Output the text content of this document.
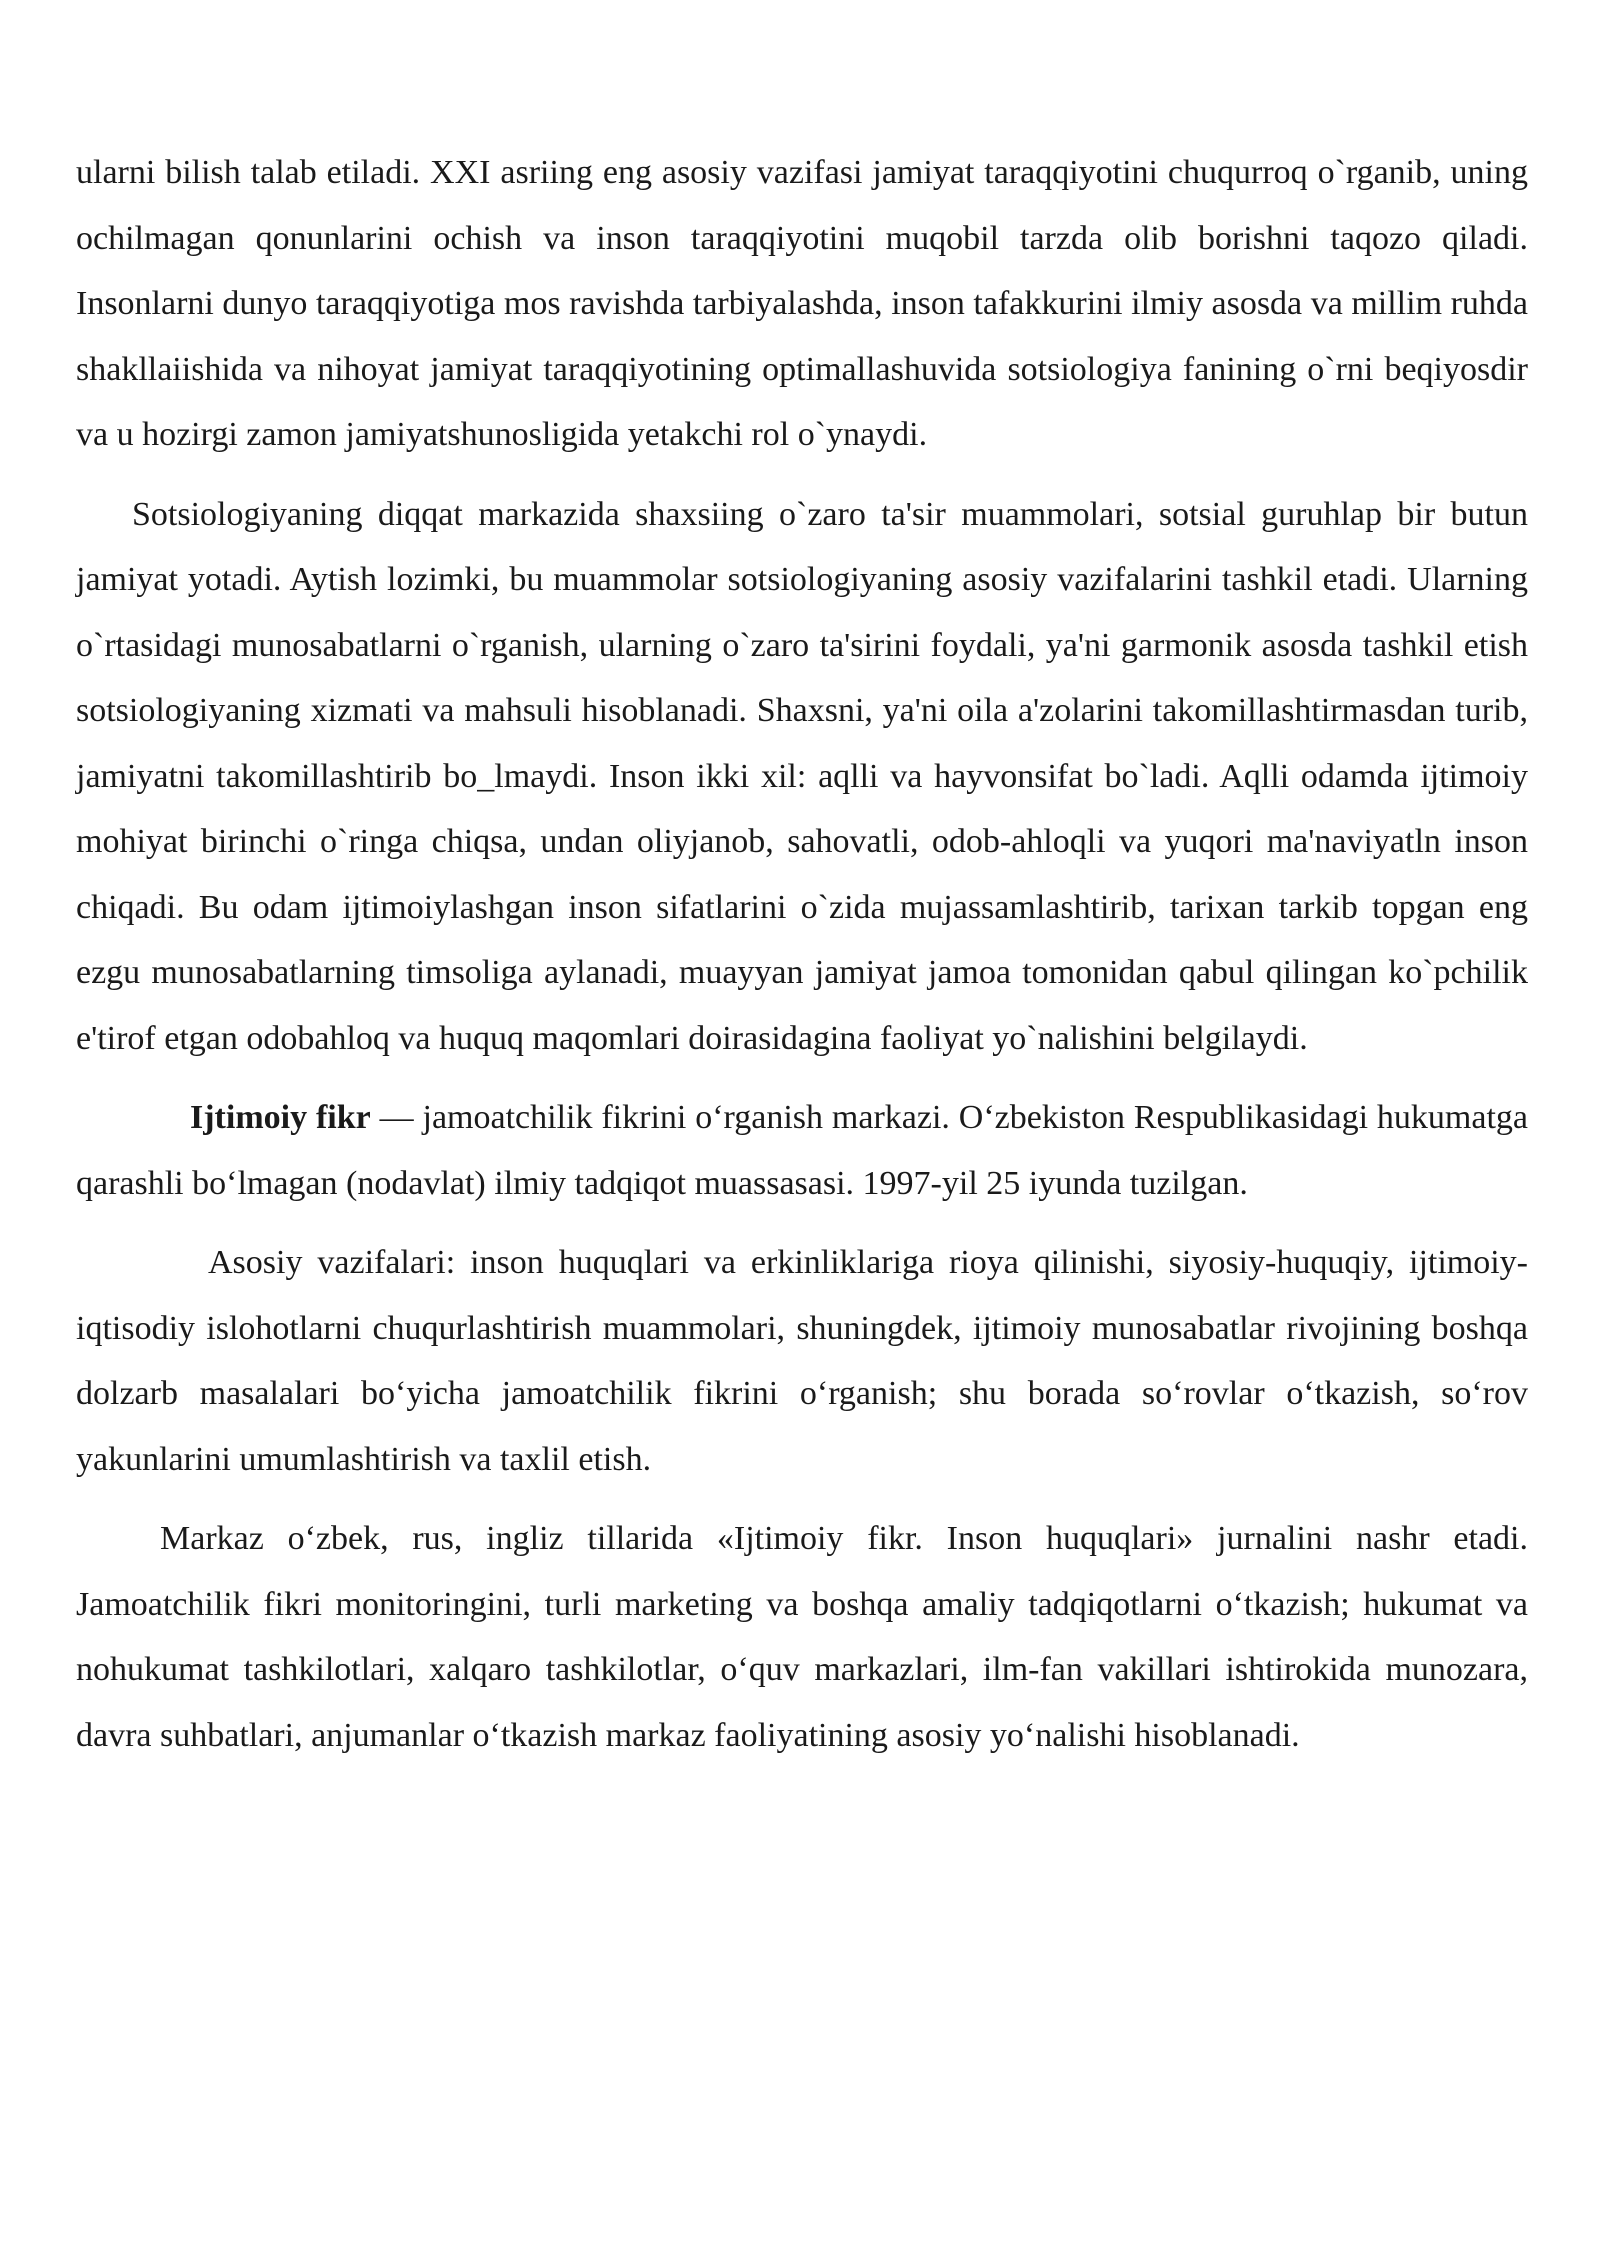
ularni bilish talab etiladi. XXI asriing eng asosiy vazifasi jamiyat taraqqiyotini chuqurroq o`rganib, uning ochilmagan qonunlarini ochish va inson taraqqiyotini muqobil tarzda olib borishni taqozo qiladi. Insonlarni dunyo taraqqiyotiga mos ravishda tarbiyalashda, inson tafakkurini ilmiy asosda va millim ruhda shakllaiishida va nihoyat jamiyat taraqqiyotining optimallashuvida sotsiologiya fanining o`rni beqiyosdir va u hozirgi zamon jamiyatshunosligida yetakchi rol o`ynaydi.

Sotsiologiyaning diqqat markazida shaxsiing o`zaro ta'sir muammolari, sotsial guruhlap bir butun jamiyat yotadi. Aytish lozimki, bu muammolar sotsiologiyaning asosiy vazifalarini tashkil etadi. Ularning o`rtasidagi munosabatlarni o`rganish, ularning o`zaro ta'sirini foydali, ya'ni garmonik asosda tashkil etish sotsiologiyaning xizmati va mahsuli hisoblanadi. Shaxsni, ya'ni oila a'zolarini takomillashtirmasdan turib, jamiyatni takomillashtirib bo_lmaydi. Inson ikki xil: aqlli va hayvonsifat bo`ladi. Aqlli odamda ijtimoiy mohiyat birinchi o`ringa chiqsa, undan oliyjanob, sahovatli, odob-ahloqli va yuqori ma'naviyatln inson chiqadi. Bu odam ijtimoiylashgan inson sifatlarini o`zida mujassamlashtirib, tarixan tarkib topgan eng ezgu munosabatlarning timsoliga aylanadi, muayyan jamiyat jamoa tomonidan qabul qilingan ko`pchilik e'tirof etgan odobahloq va huquq maqomlari doirasidagina faoliyat yo`nalishini belgilaydi.

Ijtimoiy fikr — jamoatchilik fikrini oʻrganish markazi. Oʻzbekiston Respublikasidagi hukumatga qarashli boʻlmagan (nodavlat) ilmiy tadqiqot muassasasi. 1997-yil 25 iyunda tuzilgan.

Asosiy vazifalari: inson huquqlari va erkinliklariga rioya qilinishi, siyosiy-huquqiy, ijtimoiy-iqtisodiy islohotlarni chuqurlashtirish muammolari, shuningdek, ijtimoiy munosabatlar rivojining boshqa dolzarb masalalari boʻyicha jamoatchilik fikrini oʻrganish; shu borada soʻrovlar oʻtkazish, soʻrov yakunlarini umumlashtirish va taxlil etish.

Markaz oʻzbek, rus, ingliz tillarida «Ijtimoiy fikr. Inson huquqlari» jurnalini nashr etadi. Jamoatchilik fikri monitoringini, turli marketing va boshqa amaliy tadqiqotlarni oʻtkazish; hukumat va nohukumat tashkilotlari, xalqaro tashkilotlar, oʻquv markazlari, ilm-fan vakillari ishtirokida munozara, davra suhbatlari, anjumanlar oʻtkazish markaz faoliyatining asosiy yoʻnalishi hisoblanadi.
